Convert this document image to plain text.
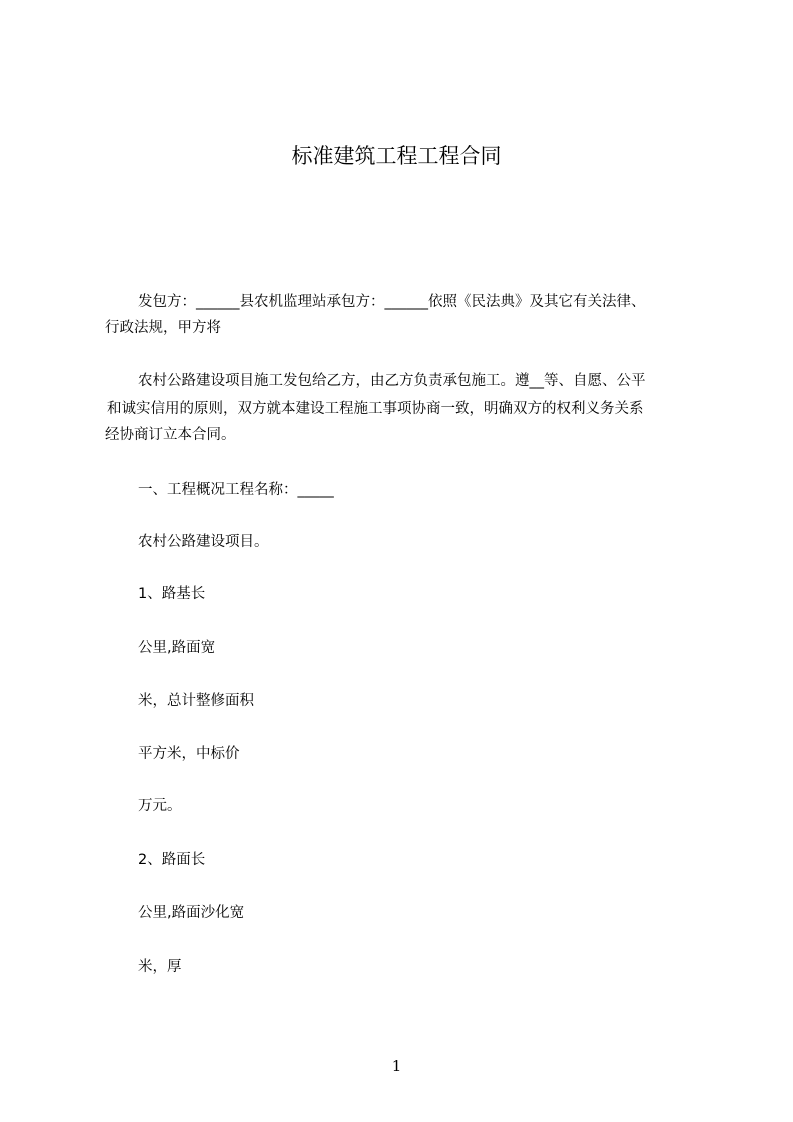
标准建筑工程工程合同
发包方：______县农机监理站承包方：______依照《民法典》及其它有关法律、
行政法规，甲方将
农村公路建设项目施工发包给乙方，由乙方负责承包施工。遵__等、自愿、公平
和诚实信用的原则，双方就本建设工程施工事项协商一致，明确双方的权利义务关系
经协商订立本合同。
一、工程概况工程名称：_____
农村公路建设项目。
1、路基长
公里,路面宽
米，总计整修面积
平方米，中标价
万元。
2、路面长
公里,路面沙化宽
米，厚
1
